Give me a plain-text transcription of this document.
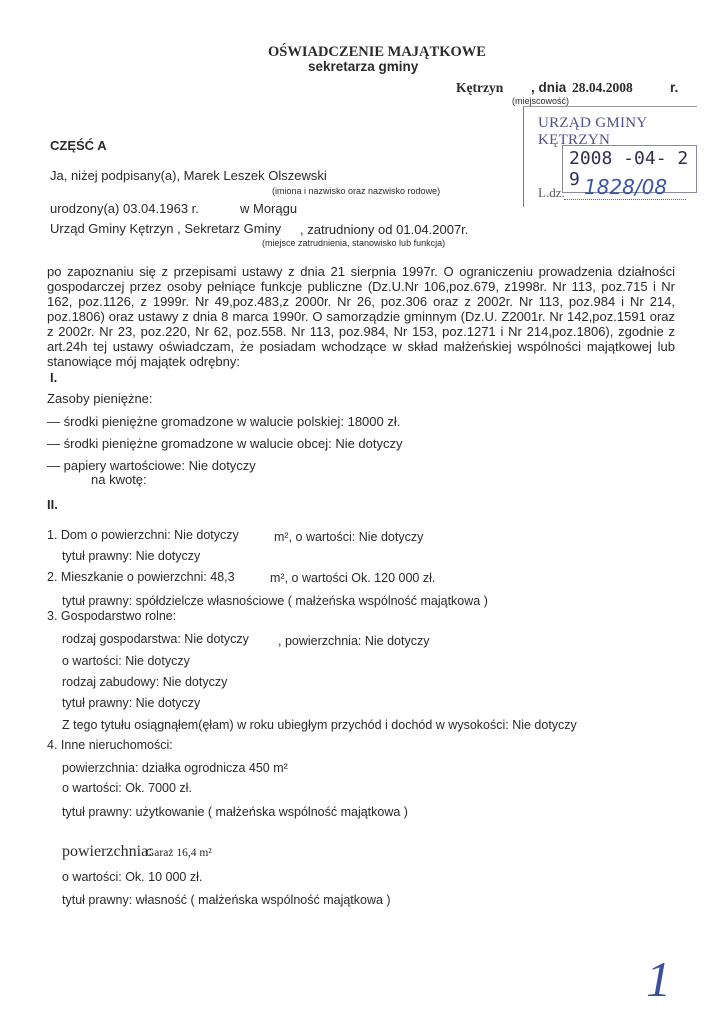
OŚWIADCZENIE MAJĄTKOWE
sekretarza gminy
Kętrzyn , dnia 28.04.2008	r.
(miejscowość)
URZĄD GMINY KĘTRZYN
2008 -04- 2 9
L.dz. 1828/08
CZĘŚĆ A
Ja, niżej podpisany(a), Marek Leszek Olszewski
(imiona i nazwisko oraz nazwisko rodowe)
urodzony(a) 03.04.1963 r.	w Morągu
Urząd Gminy Kętrzyn , Sekretarz Gminy , zatrudniony od 01.04.2007r.
(miejsce zatrudnienia, stanowisko lub funkcja)
po zapoznaniu się z przepisami ustawy z dnia 21 sierpnia 1997r. O ograniczeniu prowadzenia działności gospodarczej przez osoby pełniące funkcje publiczne (Dz.U.Nr 106,poz.679, z1998r. Nr 113, poz.715 i Nr 162, poz.1126, z 1999r. Nr 49,poz.483,z 2000r. Nr 26, poz.306 oraz z 2002r. Nr 113, poz.984 i Nr 214, poz.1806) oraz ustawy z dnia 8 marca 1990r. O samorządzie gminnym (Dz.U. Z2001r. Nr 142,poz.1591 oraz z 2002r. Nr 23, poz.220, Nr 62, poz.558. Nr 113, poz.984, Nr 153, poz.1271 i Nr 214,poz.1806), zgodnie z art.24h tej ustawy oświadczam, że posiadam wchodzące w skład małżeńskiej wspólności majątkowej lub stanowiące mój majątek odrębny:
I.
Zasoby pieniężne:
— środki pieniężne gromadzone w walucie polskiej: 18000 zł.
— środki pieniężne gromadzone w walucie obcej: Nie dotyczy
— papiery wartościowe: Nie dotyczy
na kwotę:
II.
1. Dom o powierzchni: Nie dotyczy	m², o wartości: Nie dotyczy
tytuł prawny: Nie dotyczy
2. Mieszkanie o powierzchni: 48,3	m², o wartości Ok. 120 000 zł.
tytuł prawny: spółdzielcze własnościowe ( małżeńska wspólność majątkowa )
3. Gospodarstwo rolne:
rodzaj gospodarstwa: Nie dotyczy , powierzchnia: Nie dotyczy
o wartości: Nie dotyczy
rodzaj zabudowy: Nie dotyczy
tytuł prawny: Nie dotyczy
Z tego tytułu osiągnąłem(ęłam) w roku ubiegłym przychód i dochód w wysokości: Nie dotyczy
4. Inne nieruchomości:
powierzchnia: działka ogrodnicza 450 m²
o wartości: Ok. 7000 zł.
tytuł prawny: użytkowanie ( małżeńska wspólność majątkowa )
powierzchnia:
Garaż 16,4 m²
o wartości: Ok. 10 000 zł.
tytuł prawny: własność ( małżeńska wspólność majątkowa )
1
